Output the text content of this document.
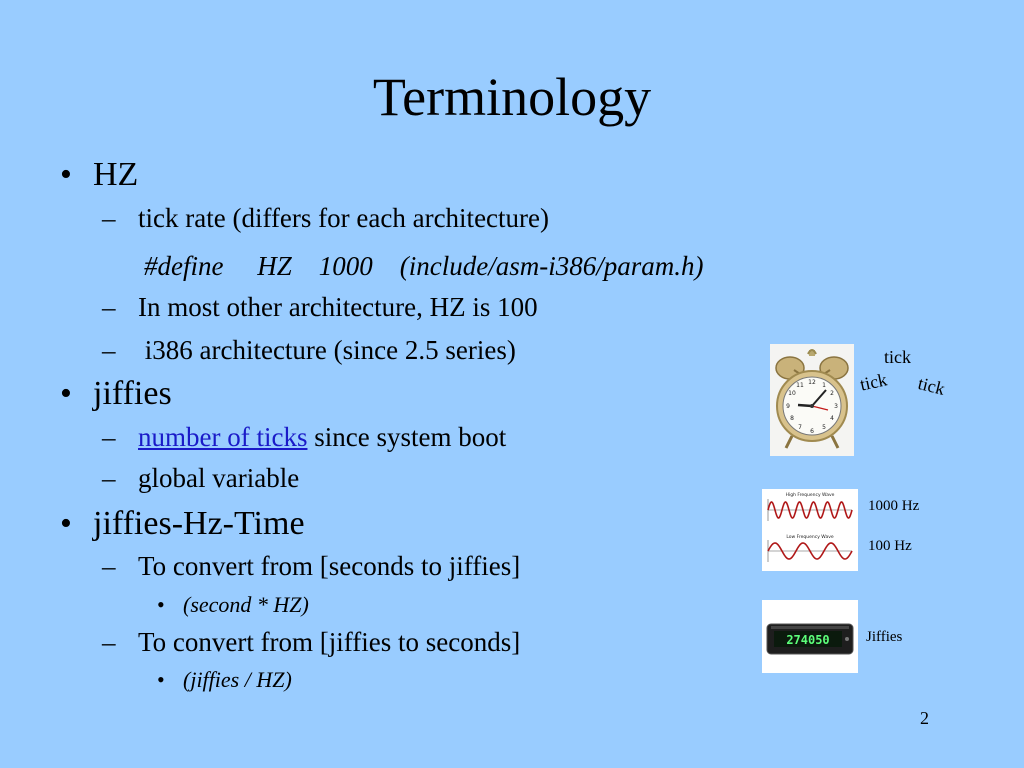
Terminology
• HZ
– tick rate (differs for each architecture)
#define     HZ    1000    (include/asm-i386/param.h)
– In most other architecture, HZ is 100
– i386 architecture (since 2.5 series)
• jiffies
– number of ticks since system boot
– global variable
• jiffies-Hz-Time
– To convert from [seconds to jiffies]
• (second * HZ)
– To convert from [jiffies to seconds]
• (jiffies / HZ)
12 1
2
3
4
5
6
7
8
9
10
11
tick
tick tick
High Frequency Wave
Low Frequency Wave
1000 Hz
100 Hz
274050 Jiffies
2
